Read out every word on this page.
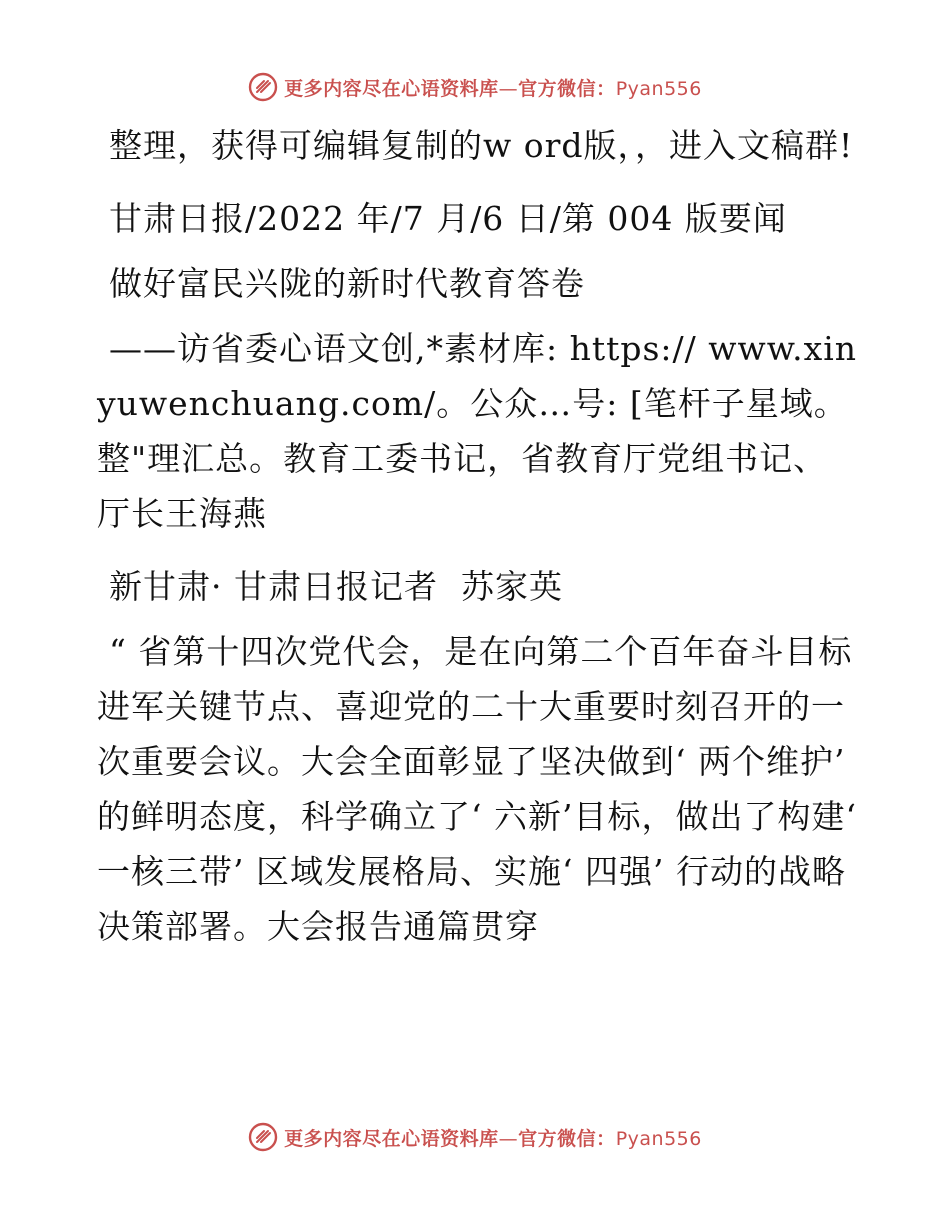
更多内容尽在心语资料库—官方微信：Pyan556

整理，获得可编辑复制的w ord版，，进入文稿群!

甘肃日报/2022 年/7 月/6 日/第 004 版要闻

做好富民兴陇的新时代教育答卷

——访省委心语文创,*素材库: https:// www.xinyuwenchuang.com/。公众…号: [笔杆子星域。整"理汇总。教育工委书记，省教育厅党组书记、厅长王海燕

新甘肃· 甘肃日报记者  苏家英

“ 省第十四次党代会，是在向第二个百年奋斗目标进军关键节点、喜迎党的二十大重要时刻召开的一次重要会议。大会全面彰显了坚决做到‘ 两个维护’ 的鲜明态度，科学确立了‘ 六新’目标，做出了构建‘ 一核三带’ 区域发展格局、实施‘ 四强’ 行动的战略决策部署。大会报告通篇贯穿

更多内容尽在心语资料库—官方微信：Pyan556
